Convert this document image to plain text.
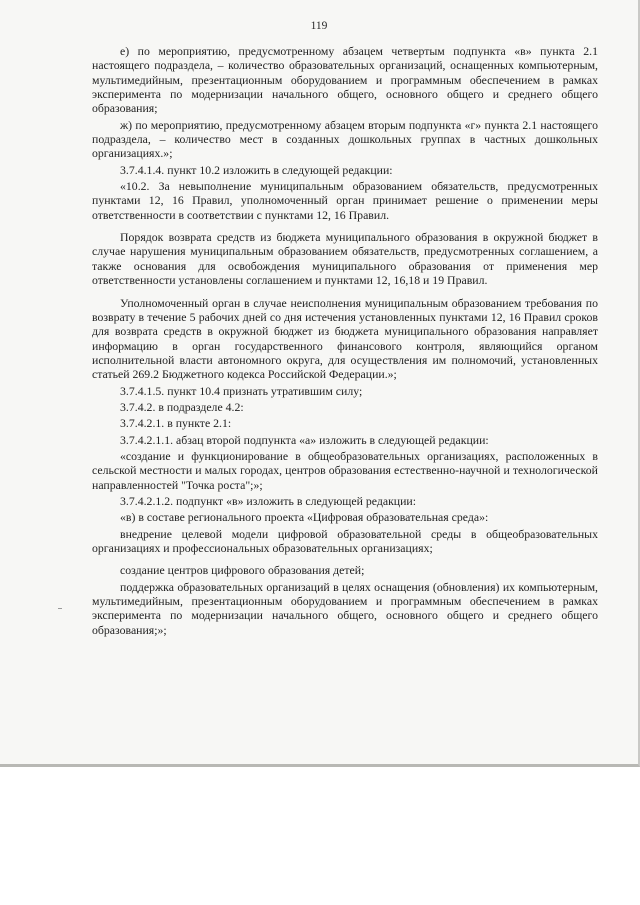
119

е) по мероприятию, предусмотренному абзацем четвертым подпункта «в» пункта 2.1 настоящего подраздела, – количество образовательных организаций, оснащенных компьютерным, мультимедийным, презентационным оборудованием и программным обеспечением в рамках эксперимента по модернизации начального общего, основного общего и среднего общего образования;

ж) по мероприятию, предусмотренному абзацем вторым подпункта «г» пункта 2.1 настоящего подраздела, – количество мест в созданных дошкольных группах в частных дошкольных организациях.»;

3.7.4.1.4. пункт 10.2 изложить в следующей редакции:

«10.2. За невыполнение муниципальным образованием обязательств, предусмотренных пунктами 12, 16 Правил, уполномоченный орган принимает решение о применении меры ответственности в соответствии с пунктами 12, 16 Правил.

Порядок возврата средств из бюджета муниципального образования в окружной бюджет в случае нарушения муниципальным образованием обязательств, предусмотренных соглашением, а также основания для освобождения муниципального образования от применения мер ответственности установлены соглашением и пунктами 12, 16,18 и 19 Правил.

Уполномоченный орган в случае неисполнения муниципальным образованием требования по возврату в течение 5 рабочих дней со дня истечения установленных пунктами 12, 16 Правил сроков для возврата средств в окружной бюджет из бюджета муниципального образования направляет информацию в орган государственного финансового контроля, являющийся органом исполнительной власти автономного округа, для осуществления им полномочий, установленных статьей 269.2 Бюджетного кодекса Российской Федерации.»;

3.7.4.1.5. пункт 10.4 признать утратившим силу;

3.7.4.2. в подразделе 4.2:

3.7.4.2.1. в пункте 2.1:

3.7.4.2.1.1. абзац второй подпункта «а» изложить в следующей редакции:

«создание и функционирование в общеобразовательных организациях, расположенных в сельской местности и малых городах, центров образования естественно-научной и технологической направленностей "Точка роста";»;

3.7.4.2.1.2. подпункт «в» изложить в следующей редакции:

«в) в составе регионального проекта «Цифровая образовательная среда»:

внедрение целевой модели цифровой образовательной среды в общеобразовательных организациях и профессиональных образовательных организациях;

создание центров цифрового образования детей;

поддержка образовательных организаций в целях оснащения (обновления) их компьютерным, мультимедийным, презентационным оборудованием и программным обеспечением в рамках эксперимента по модернизации начального общего, основного общего и среднего общего образования;»;
